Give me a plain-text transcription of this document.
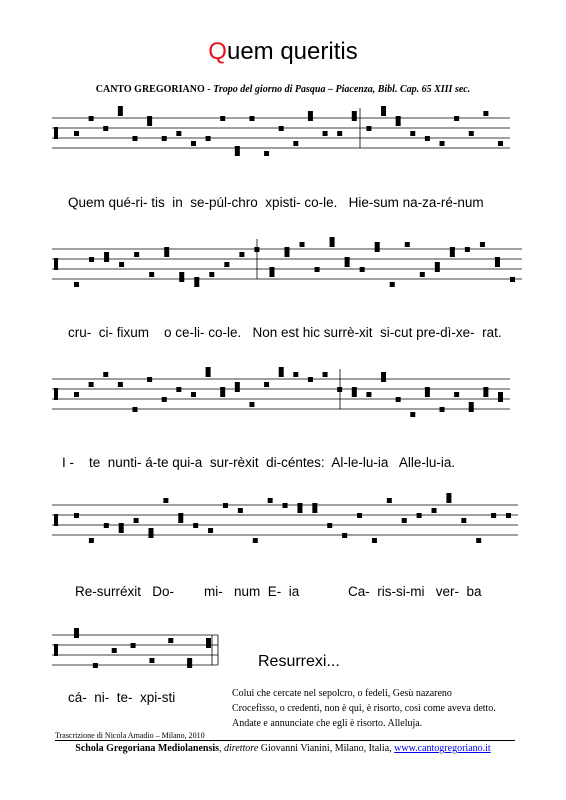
Quem queritis
CANTO GREGORIANO - Tropo del giorno di Pasqua – Piacenza, Bibl. Cap. 65 XIII sec.
Quem qué-ri- tis  in  se-púl-chro  xpisti- co-le.   Hie-sum na-za-ré-num
cru-  ci- fixum    o ce-li- co-le.   Non est hic surrè-xit  si-cut pre-dì-xe-  rat.
I -    te  nunti- á-te qui-a  sur-rèxit  di-céntes:  Al-le-lu-ia   Alle-lu-ia.
Re-surréxit   Do-        mi-   num  E-  ia             Ca-  ris-si-mi   ver-  ba
cá-  ni-  te-  xpi-sti
Resurrexi...
Colui che cercate nel sepolcro, o fedeli, Gesù nazareno
Crocefisso, o credenti, non è qui, è risorto, così come aveva detto.
Andate e annunciate che egli è risorto. Alleluja.
Trascrizione di Nicola Amadio – Milano, 2010
Schola Gregoriana Mediolanensis, direttore Giovanni Vianini, Milano, Italia, www.cantogregoriano.it
